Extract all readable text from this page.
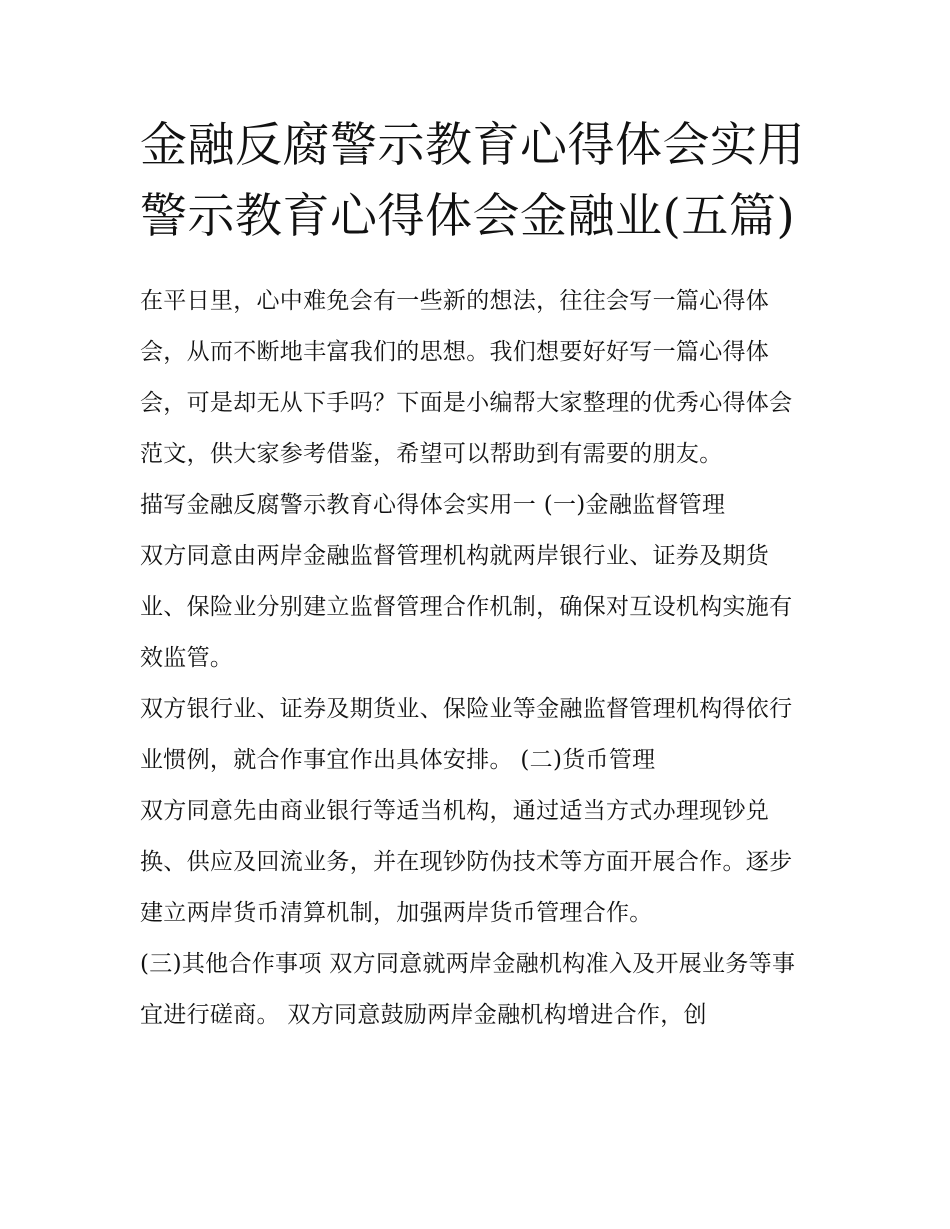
金融反腐警示教育心得体会实用 警示教育心得体会金融业(五篇)

在平日里，心中难免会有一些新的想法，往往会写一篇心得体会，从而不断地丰富我们的思想。我们想要好好写一篇心得体会，可是却无从下手吗？下面是小编帮大家整理的优秀心得体会范文，供大家参考借鉴，希望可以帮助到有需要的朋友。

描写金融反腐警示教育心得体会实用一 (一)金融监督管理

双方同意由两岸金融监督管理机构就两岸银行业、证券及期货业、保险业分别建立监督管理合作机制，确保对互设机构实施有效监管。

双方银行业、证券及期货业、保险业等金融监督管理机构得依行业惯例，就合作事宜作出具体安排。 (二)货币管理

双方同意先由商业银行等适当机构，通过适当方式办理现钞兑换、供应及回流业务，并在现钞防伪技术等方面开展合作。逐步建立两岸货币清算机制，加强两岸货币管理合作。

(三)其他合作事项 双方同意就两岸金融机构准入及开展业务等事宜进行磋商。 双方同意鼓励两岸金融机构增进合作，创
